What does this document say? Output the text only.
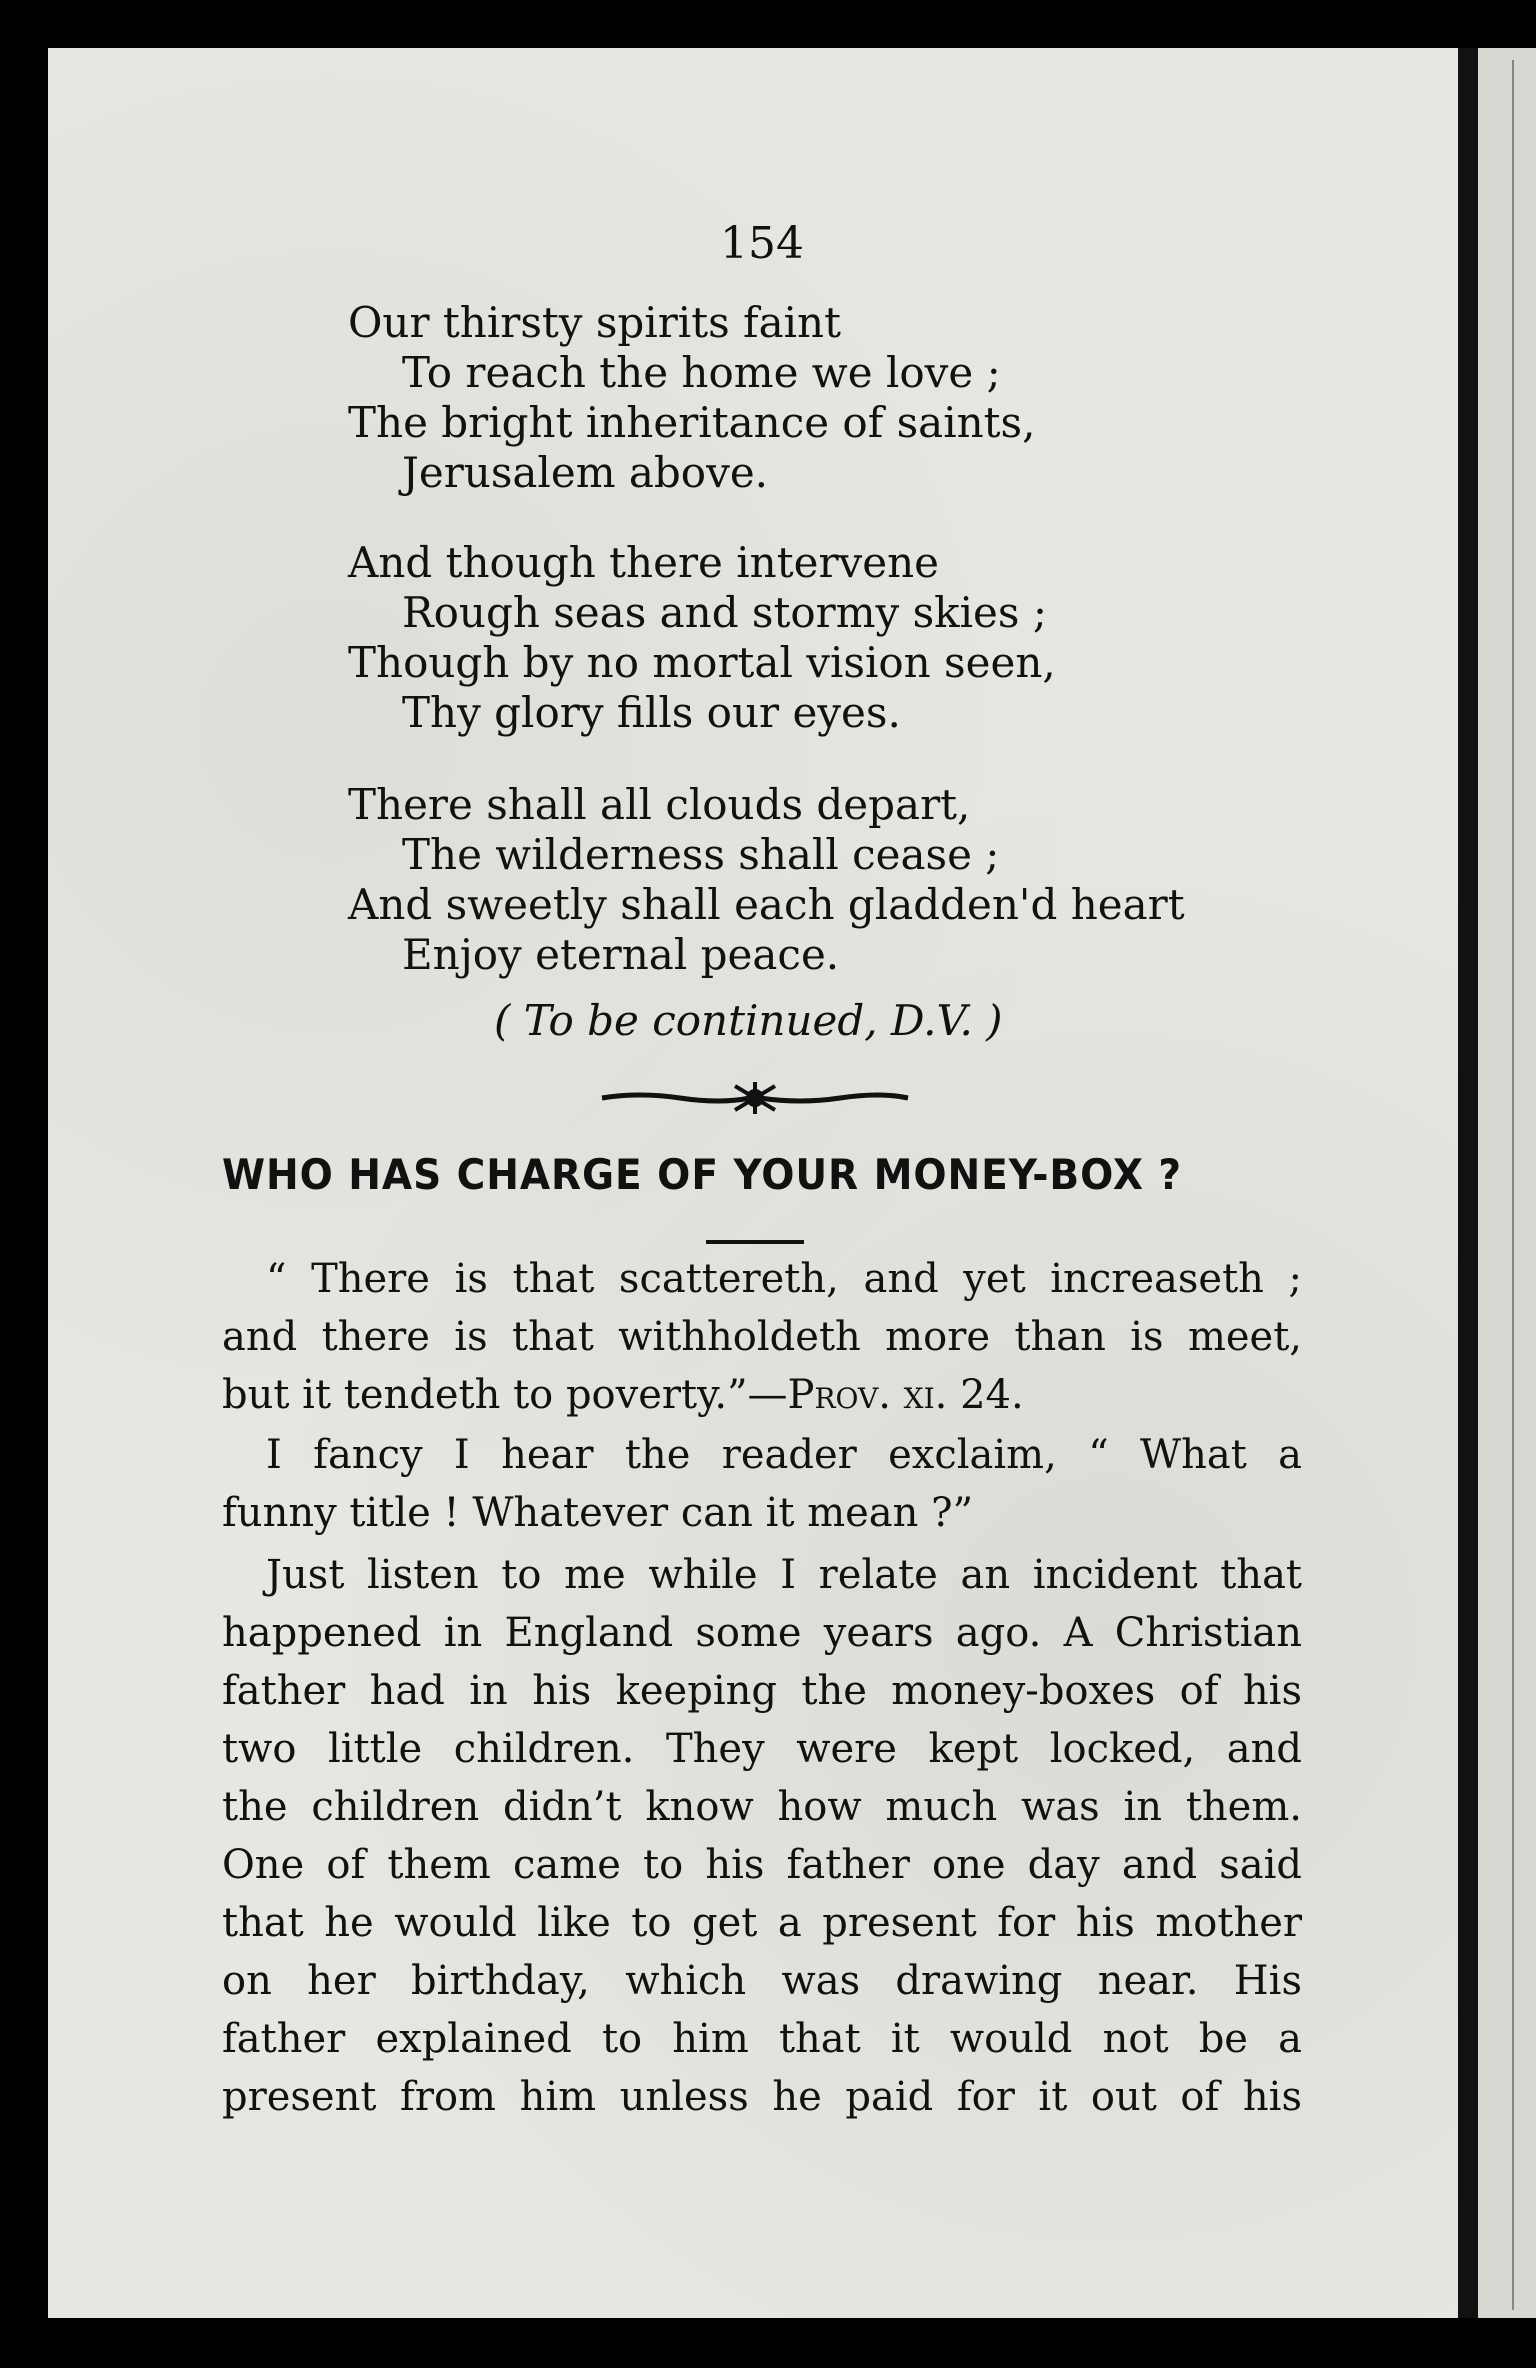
154
Our thirsty spirits faint
To reach the home we love ;
The bright inheritance of saints,
Jerusalem above.
And though there intervene
Rough seas and stormy skies ;
Though by no mortal vision seen,
Thy glory fills our eyes.
There shall all clouds depart,
The wilderness shall cease ;
And sweetly shall each gladden'd heart
Enjoy eternal peace.
( To be continued, D.V. )
WHO HAS CHARGE OF YOUR MONEY-BOX ?
“ There is that scattereth, and yet increaseth ;
and there is that withholdeth more than is meet,
but it tendeth to poverty.”—Prov. xi. 24.
I fancy I hear the reader exclaim, “ What a
funny title ! Whatever can it mean ?”
Just listen to me while I relate an incident that
happened in England some years ago. A Christian
father had in his keeping the money-boxes of his
two little children. They were kept locked, and
the children didn’t know how much was in them.
One of them came to his father one day and said
that he would like to get a present for his mother
on her birthday, which was drawing near. His
father explained to him that it would not be a
present from him unless he paid for it out of his
